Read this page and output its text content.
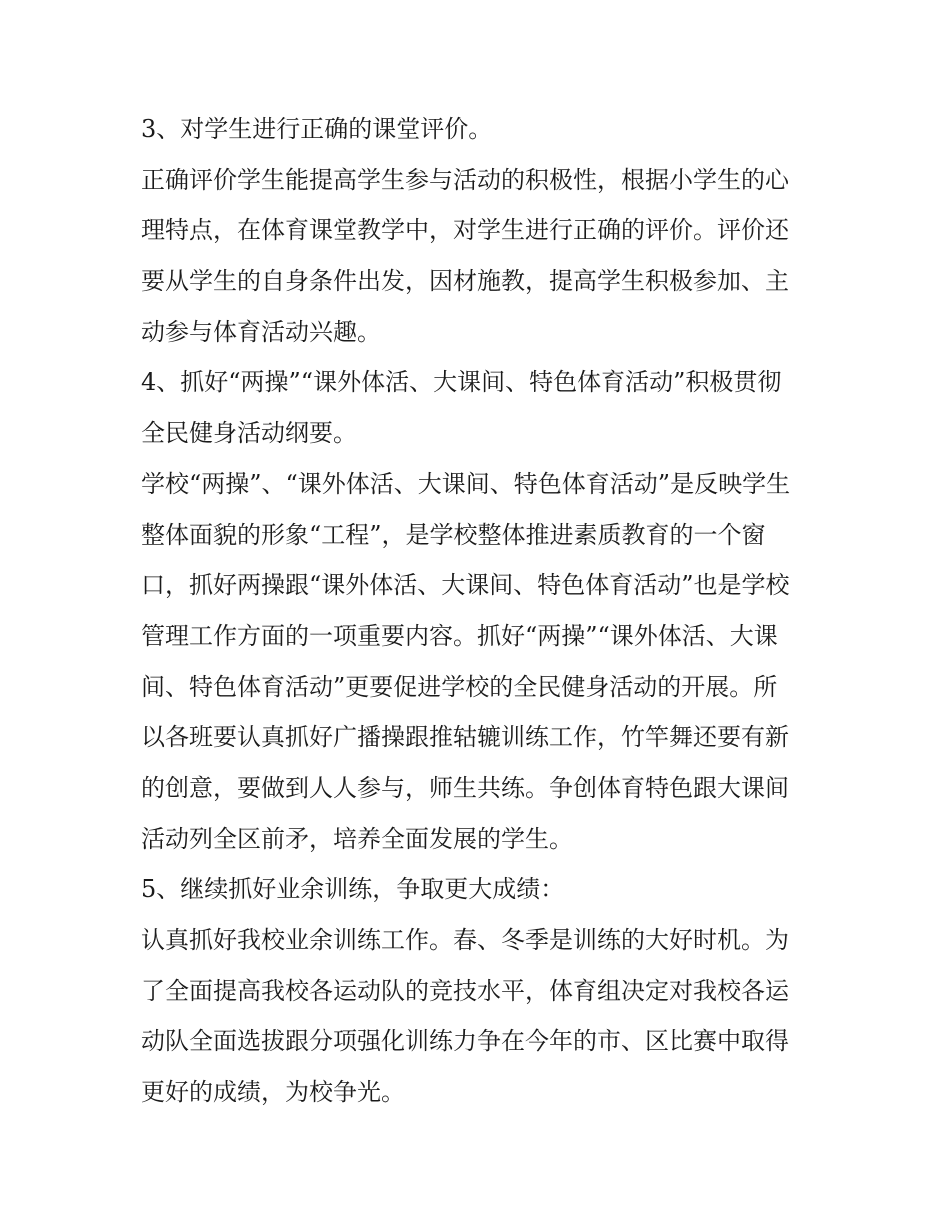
3、对学生进行正确的课堂评价。
正确评价学生能提高学生参与活动的积极性，根据小学生的心
理特点，在体育课堂教学中，对学生进行正确的评价。评价还
要从学生的自身条件出发，因材施教，提高学生积极参加、主
动参与体育活动兴趣。
4、抓好“两操”“课外体活、大课间、特色体育活动”积极贯彻
全民健身活动纲要。
学校“两操”、“课外体活、大课间、特色体育活动”是反映学生
整体面貌的形象“工程”，是学校整体推进素质教育的一个窗
口，抓好两操跟“课外体活、大课间、特色体育活动”也是学校
管理工作方面的一项重要内容。抓好“两操”“课外体活、大课
间、特色体育活动”更要促进学校的全民健身活动的开展。所
以各班要认真抓好广播操跟推轱辘训练工作，竹竿舞还要有新
的创意，要做到人人参与，师生共练。争创体育特色跟大课间
活动列全区前矛，培养全面发展的学生。
5、继续抓好业余训练，争取更大成绩：
认真抓好我校业余训练工作。春、冬季是训练的大好时机。为
了全面提高我校各运动队的竞技水平，体育组决定对我校各运
动队全面选拔跟分项强化训练力争在今年的市、区比赛中取得
更好的成绩，为校争光。
